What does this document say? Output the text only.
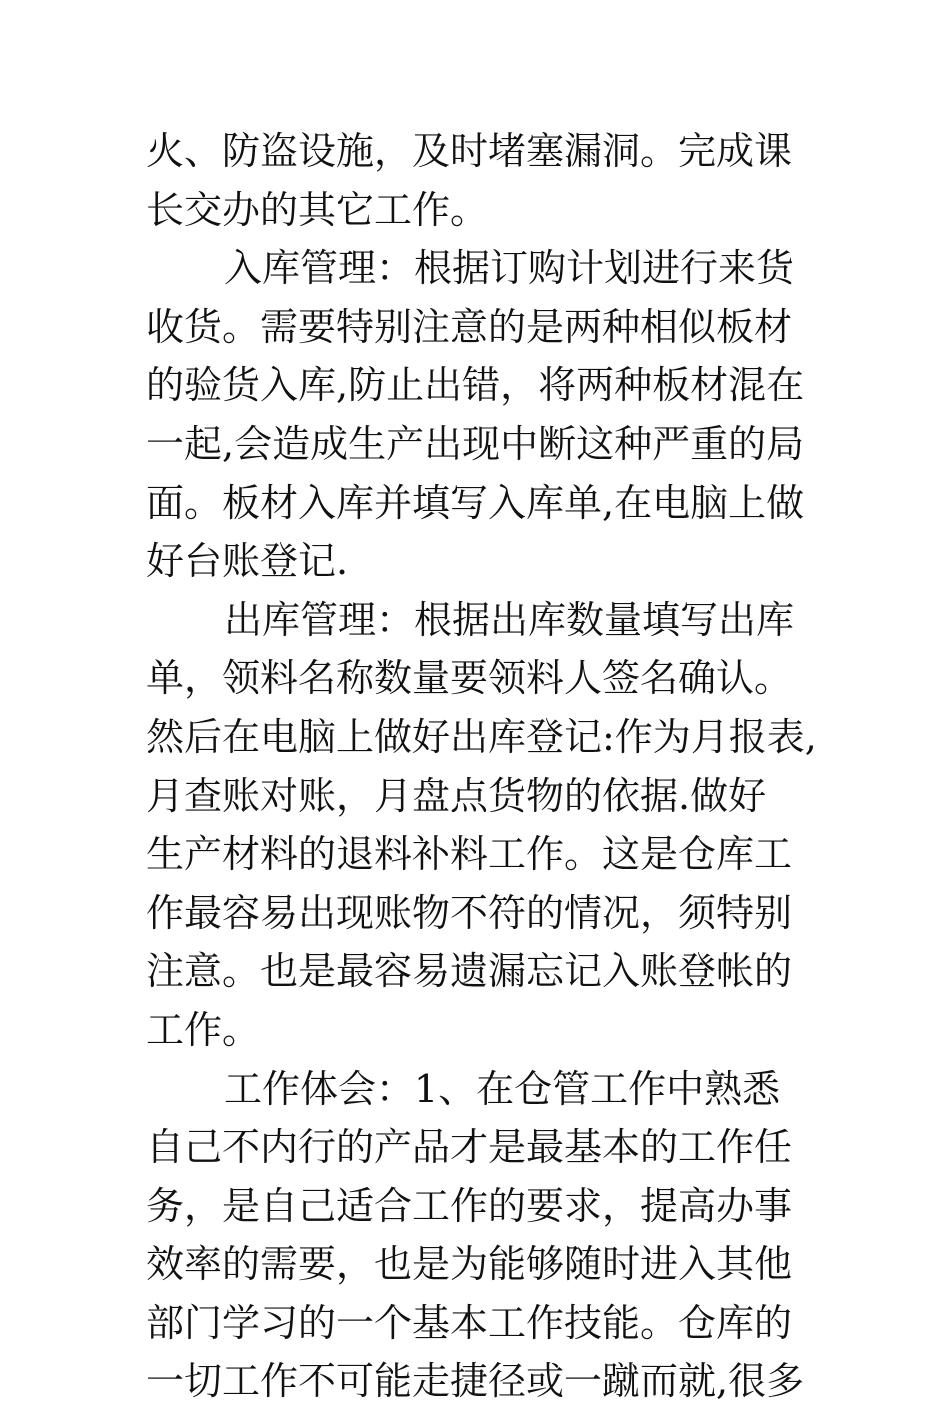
火、防盗设施，及时堵塞漏洞。完成课
长交办的其它工作。
入库管理：根据订购计划进行来货
收货。需要特别注意的是两种相似板材
的验货入库,防止出错，将两种板材混在
一起,会造成生产出现中断这种严重的局
面。板材入库并填写入库单,在电脑上做
好台账登记.
出库管理：根据出库数量填写出库
单，领料名称数量要领料人签名确认。
然后在电脑上做好出库登记:作为月报表,
月查账对账，月盘点货物的依据.做好
生产材料的退料补料工作。这是仓库工
作最容易出现账物不符的情况，须特别
注意。也是最容易遗漏忘记入账登帐的
工作。
工作体会：1、在仓管工作中熟悉
自己不内行的产品才是最基本的工作任
务，是自己适合工作的要求，提高办事
效率的需要，也是为能够随时进入其他
部门学习的一个基本工作技能。仓库的
一切工作不可能走捷径或一蹴而就,很多
